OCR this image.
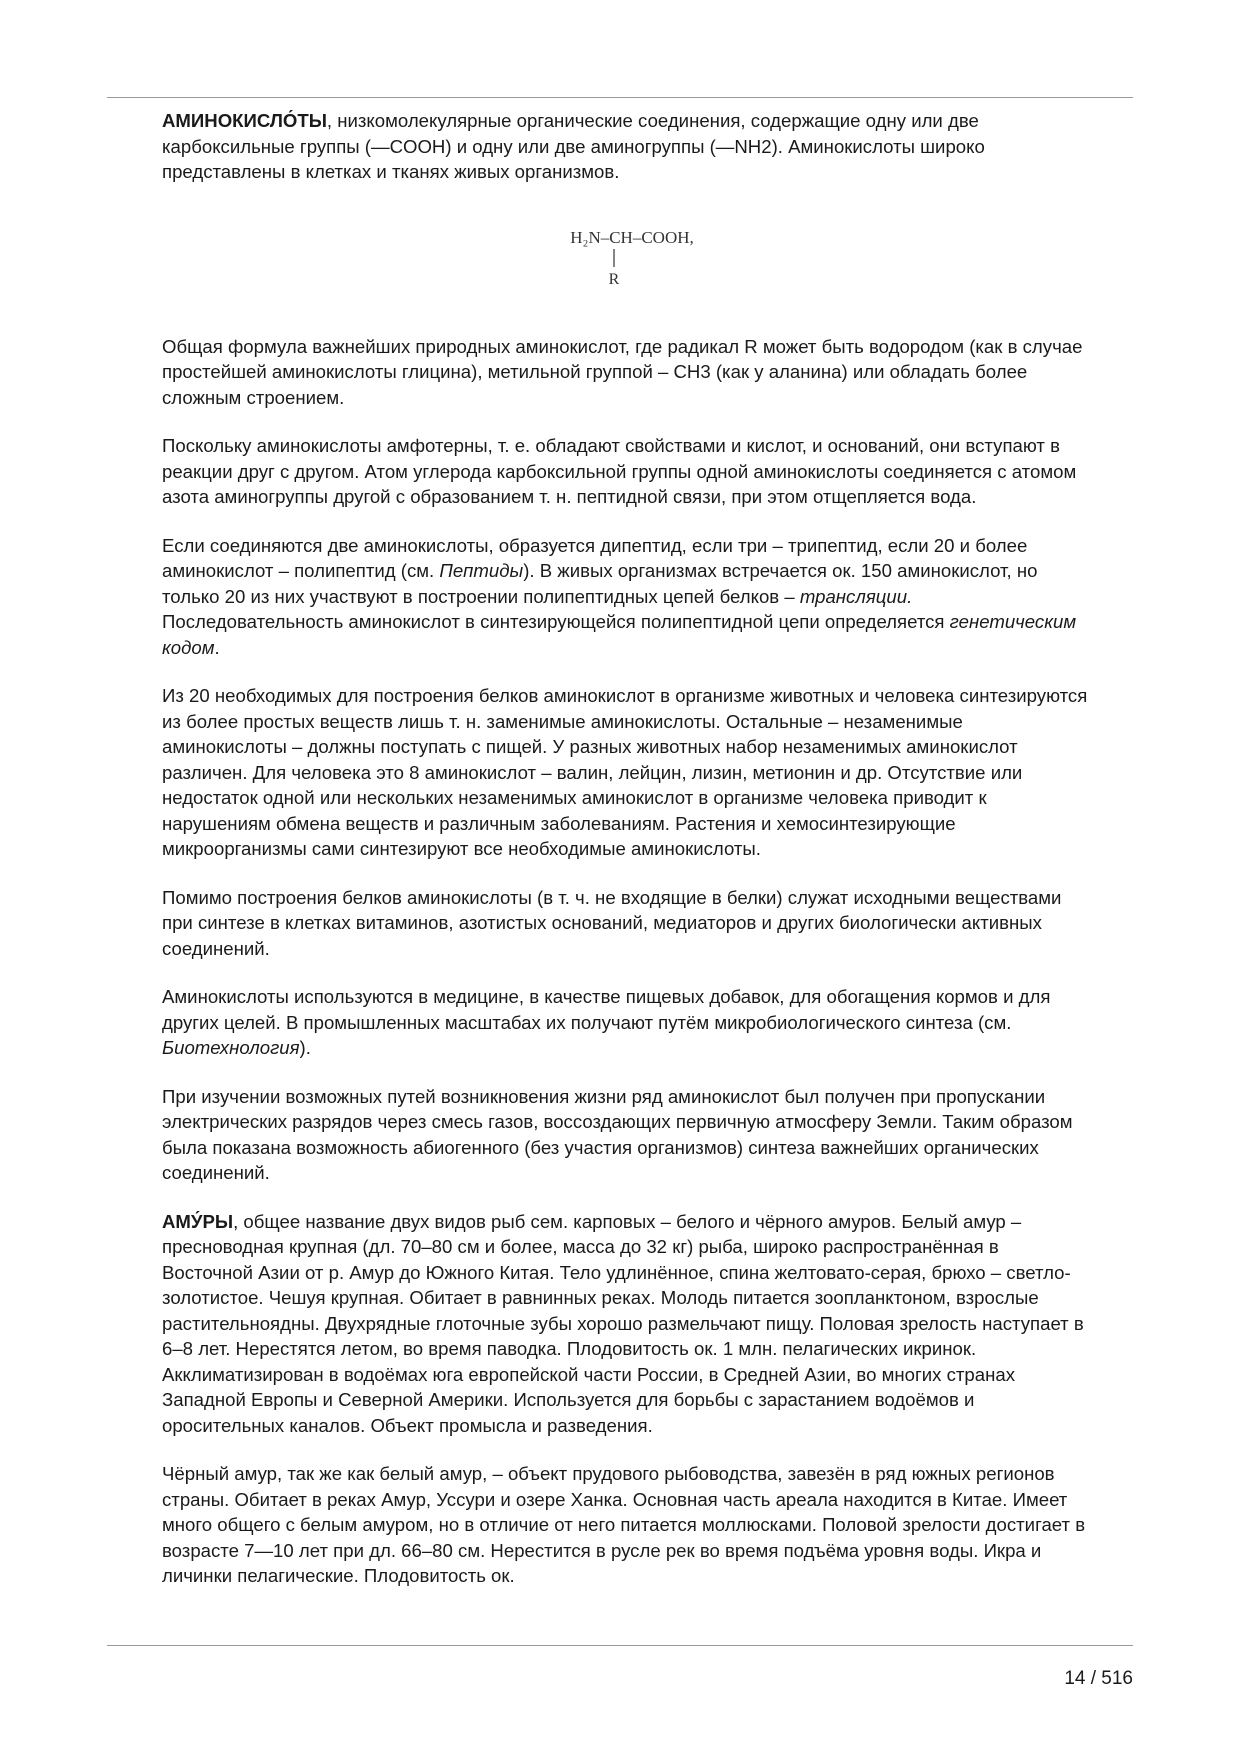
АМИНОКИСЛО́ТЫ, низкомолекулярные органические соединения, содержащие одну или две карбоксильные группы (—COOH) и одну или две аминогруппы (—NH2). Аминокислоты широко представлены в клетках и тканях живых организмов.

H₂N–CH–COOH,
R

Общая формула важнейших природных аминокислот, где радикал R может быть водородом (как в случае простейшей аминокислоты глицина), метильной группой – CH3 (как у аланина) или обладать более сложным строением.

Поскольку аминокислоты амфотерны, т. е. обладают свойствами и кислот, и оснований, они вступают в реакции друг с другом. Атом углерода карбоксильной группы одной аминокислоты соединяется с атомом азота аминогруппы другой с образованием т. н. пептидной связи, при этом отщепляется вода.

Если соединяются две аминокислоты, образуется дипептид, если три – трипептид, если 20 и более аминокислот – полипептид (см. Пептиды). В живых организмах встречается ок. 150 аминокислот, но только 20 из них участвуют в построении полипептидных цепей белков – трансляции. Последовательность аминокислот в синтезирующейся полипептидной цепи определяется генетическим кодом.

Из 20 необходимых для построения белков аминокислот в организме животных и человека синтезируются из более простых веществ лишь т. н. заменимые аминокислоты. Остальные – незаменимые аминокислоты – должны поступать с пищей. У разных животных набор незаменимых аминокислот различен. Для человека это 8 аминокислот – валин, лейцин, лизин, метионин и др. Отсутствие или недостаток одной или нескольких незаменимых аминокислот в организме человека приводит к нарушениям обмена веществ и различным заболеваниям. Растения и хемосинтезирующие микроорганизмы сами синтезируют все необходимые аминокислоты.

Помимо построения белков аминокислоты (в т. ч. не входящие в белки) служат исходными веществами при синтезе в клетках витаминов, азотистых оснований, медиаторов и других биологически активных соединений.

Аминокислоты используются в медицине, в качестве пищевых добавок, для обогащения кормов и для других целей. В промышленных масштабах их получают путём микробиологического синтеза (см. Биотехнология).

При изучении возможных путей возникновения жизни ряд аминокислот был получен при пропускании электрических разрядов через смесь газов, воссоздающих первичную атмосферу Земли. Таким образом была показана возможность абиогенного (без участия организмов) синтеза важнейших органических соединений.

АМУ́РЫ, общее название двух видов рыб сем. карповых – белого и чёрного амуров. Белый амур – пресноводная крупная (дл. 70–80 см и более, масса до 32 кг) рыба, широко распространённая в Восточной Азии от р. Амур до Южного Китая. Тело удлинённое, спина желтовато-серая, брюхо – светло-золотистое. Чешуя крупная. Обитает в равнинных реках. Молодь питается зоопланктоном, взрослые растительноядны. Двухрядные глоточные зубы хорошо размельчают пищу. Половая зрелость наступает в 6–8 лет. Нерестятся летом, во время паводка. Плодовитость ок. 1 млн. пелагических икринок. Акклиматизирован в водоёмах юга европейской части России, в Средней Азии, во многих странах Западной Европы и Северной Америки. Используется для борьбы с зарастанием водоёмов и оросительных каналов. Объект промысла и разведения.

Чёрный амур, так же как белый амур, – объект прудового рыбоводства, завезён в ряд южных регионов страны. Обитает в реках Амур, Уссури и озере Ханка. Основная часть ареала находится в Китае. Имеет много общего с белым амуром, но в отличие от него питается моллюсками. Половой зрелости достигает в возрасте 7—10 лет при дл. 66–80 см. Нерестится в русле рек во время подъёма уровня воды. Икра и личинки пелагические. Плодовитость ок.

14 / 516
